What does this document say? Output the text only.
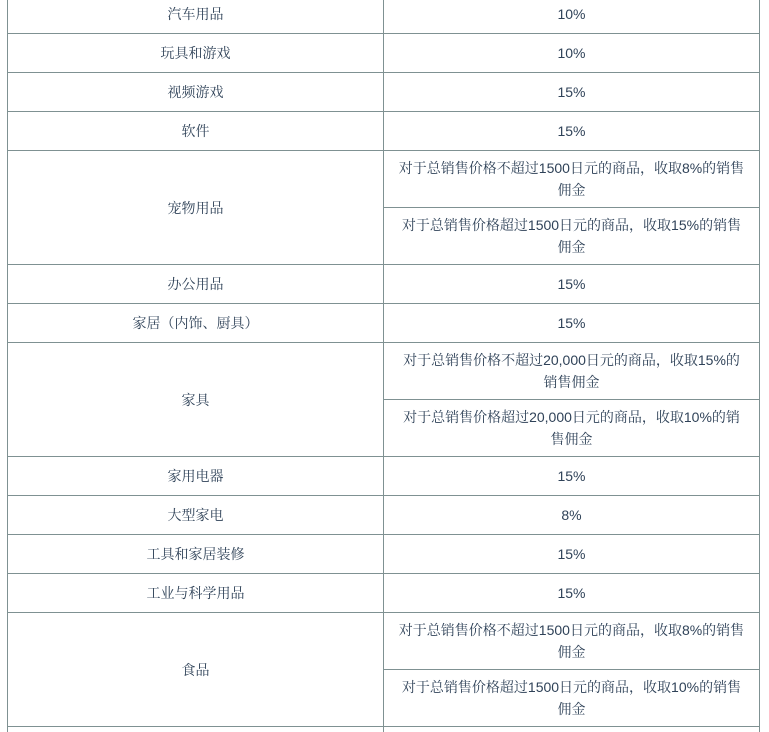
汽车用品	10%
玩具和游戏	10%
视频游戏	15%
软件	15%
宠物用品	对于总销售价格不超过1500日元的商品，收取8%的销售佣金
	对于总销售价格超过1500日元的商品，收取15%的销售佣金
办公用品	15%
家居（内饰、厨具）	15%
家具	对于总销售价格不超过20,000日元的商品，收取15%的销售佣金
	对于总销售价格超过20,000日元的商品，收取10%的销售佣金
家用电器	15%
大型家电	8%
工具和家居装修	15%
工业与科学用品	15%
食品	对于总销售价格不超过1500日元的商品，收取8%的销售佣金
	对于总销售价格超过1500日元的商品，收取10%的销售佣金
